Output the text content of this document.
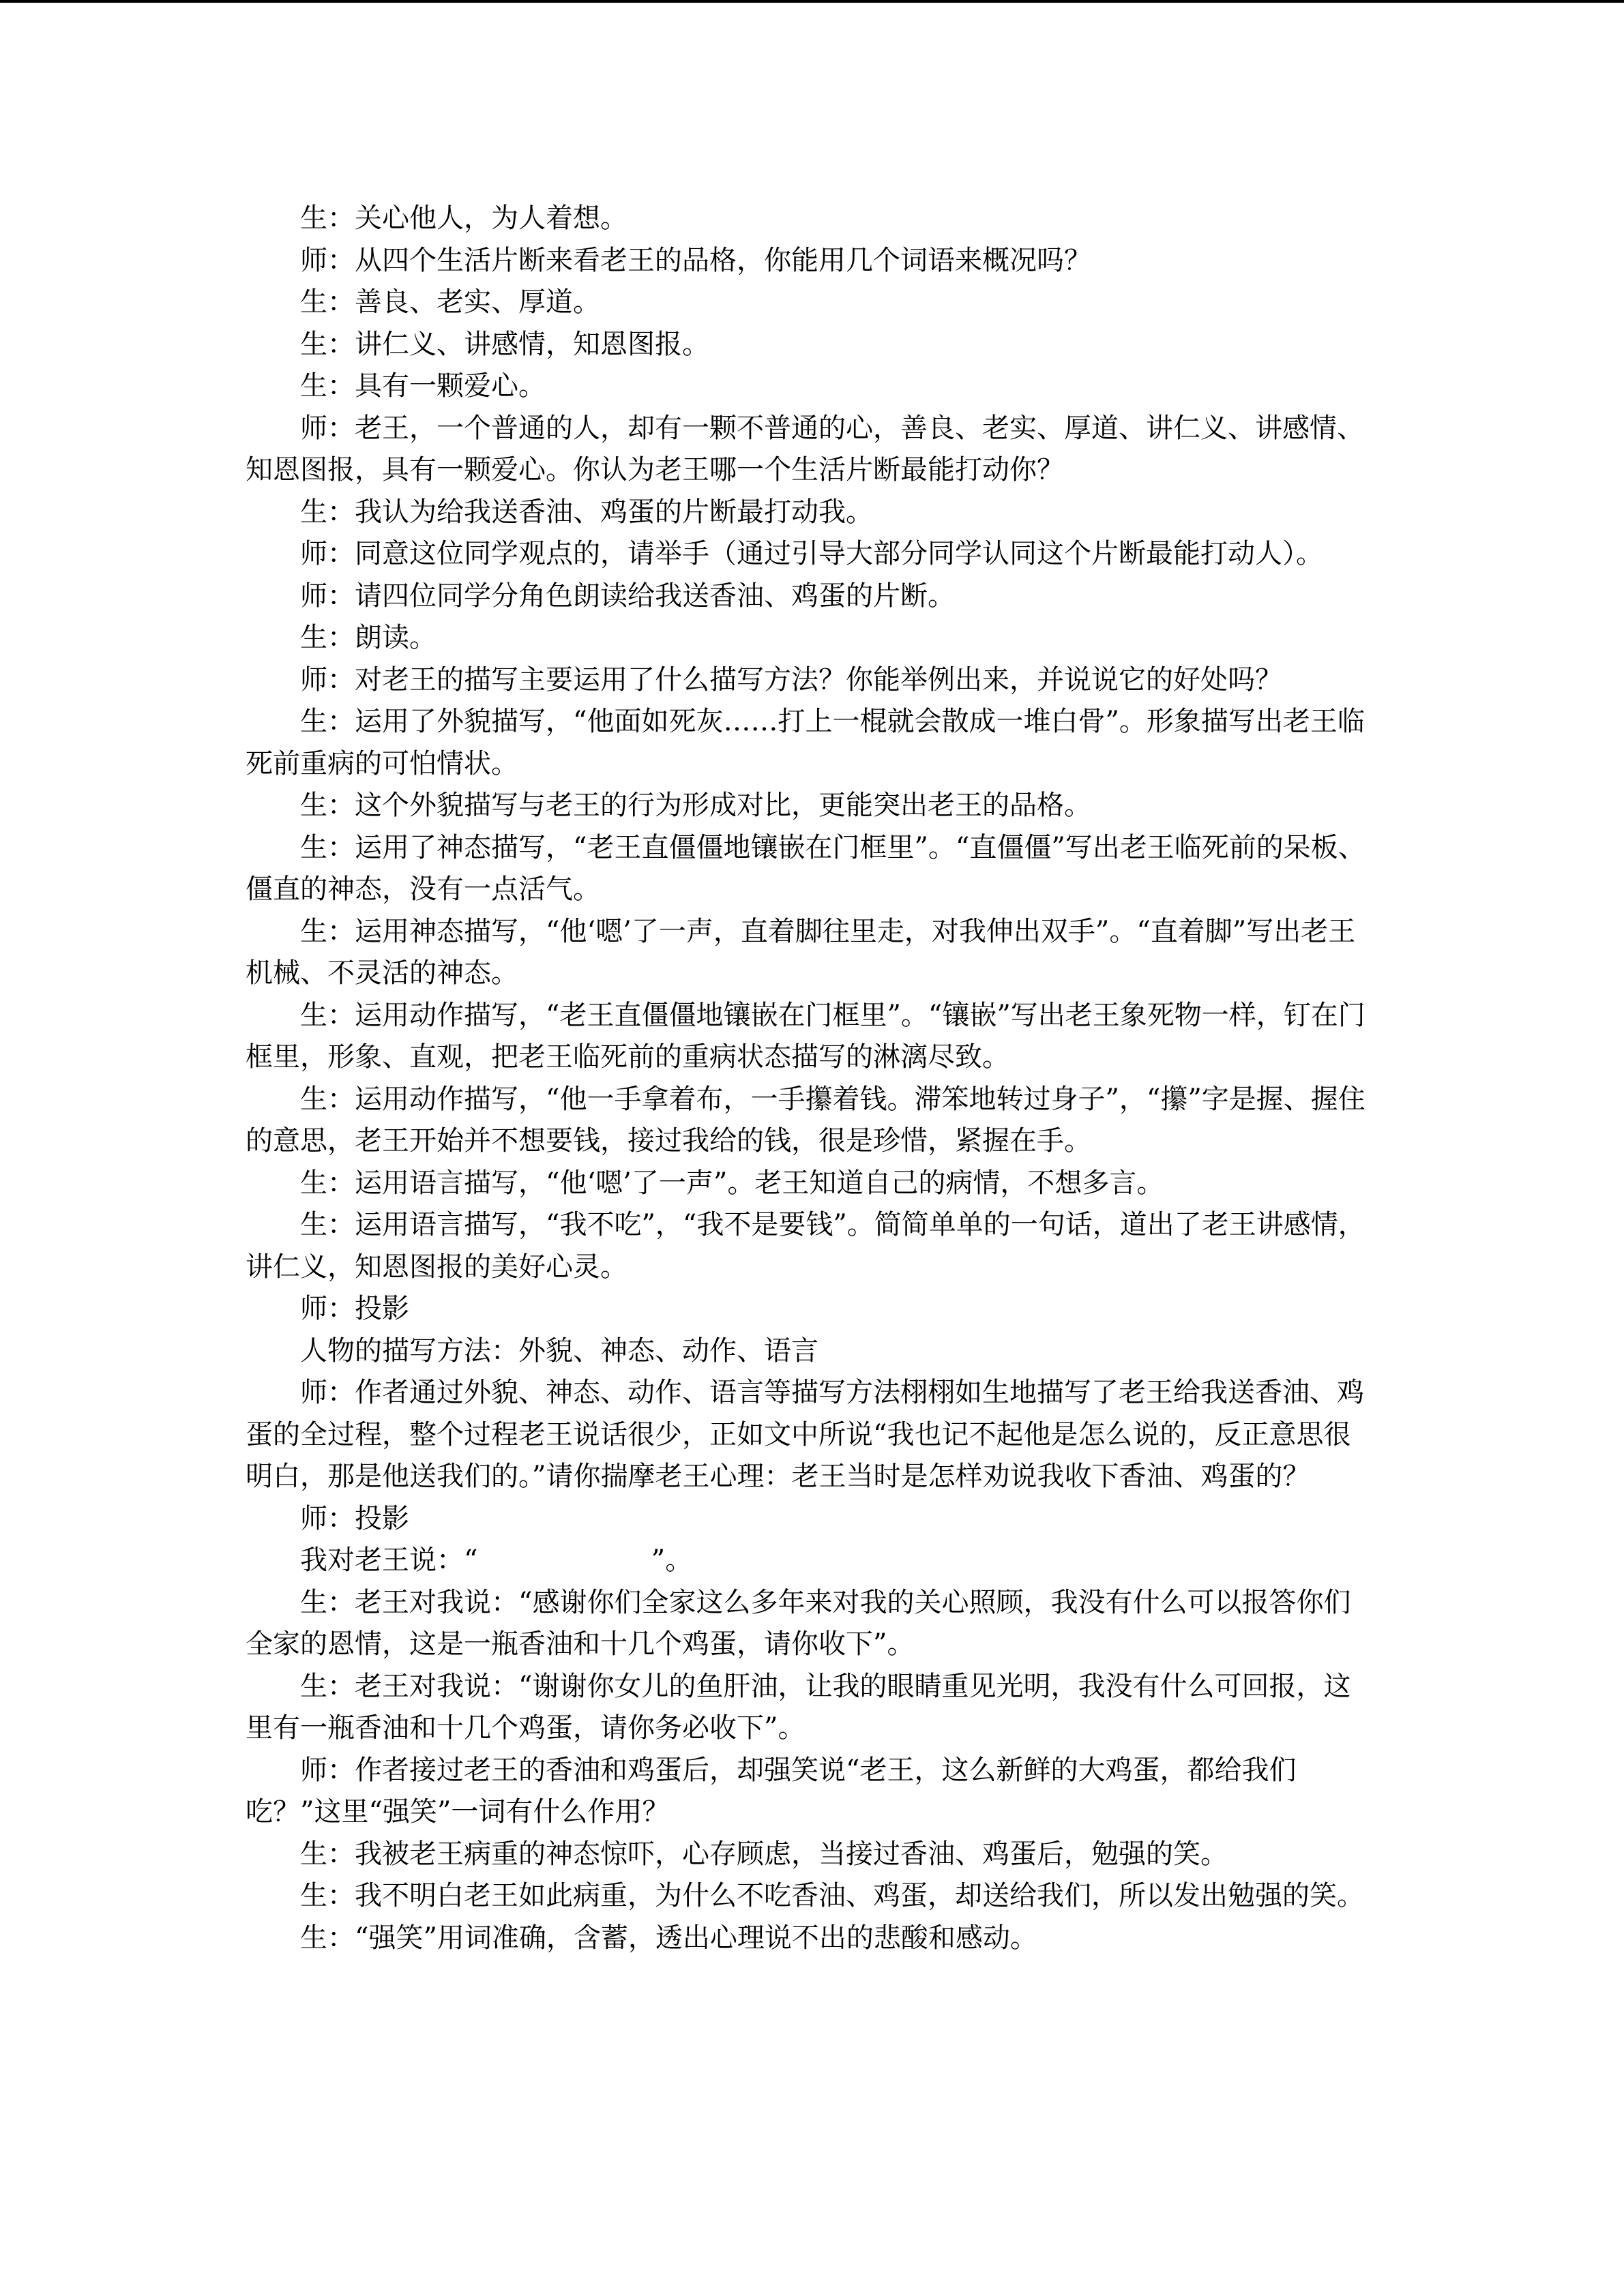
生：关心他人，为人着想。

师：从四个生活片断来看老王的品格，你能用几个词语来概况吗？

生：善良、老实、厚道。

生：讲仁义、讲感情，知恩图报。

生：具有一颗爱心。

师：老王，一个普通的人，却有一颗不普通的心，善良、老实、厚道、讲仁义、讲感情、知恩图报，具有一颗爱心。你认为老王哪一个生活片断最能打动你？

生：我认为给我送香油、鸡蛋的片断最打动我。

师：同意这位同学观点的，请举手（通过引导大部分同学认同这个片断最能打动人）。

师：请四位同学分角色朗读给我送香油、鸡蛋的片断。

生：朗读。

师：对老王的描写主要运用了什么描写方法？你能举例出来，并说说它的好处吗？

生：运用了外貌描写，“他面如死灰……打上一棍就会散成一堆白骨”。形象描写出老王临死前重病的可怕情状。

生：这个外貌描写与老王的行为形成对比，更能突出老王的品格。

生：运用了神态描写，“老王直僵僵地镶嵌在门框里”。“直僵僵”写出老王临死前的呆板、僵直的神态，没有一点活气。

生：运用神态描写，“他‘嗯’了一声，直着脚往里走，对我伸出双手”。“直着脚”写出老王机械、不灵活的神态。

生：运用动作描写，“老王直僵僵地镶嵌在门框里”。“镶嵌”写出老王象死物一样，钉在门框里，形象、直观，把老王临死前的重病状态描写的淋漓尽致。

生：运用动作描写，“他一手拿着布，一手攥着钱。滞笨地转过身子”，“攥”字是握、握住的意思，老王开始并不想要钱，接过我给的钱，很是珍惜，紧握在手。

生：运用语言描写，“他‘嗯’了一声”。老王知道自己的病情，不想多言。

生：运用语言描写，“我不吃”，“我不是要钱”。简简单单的一句话，道出了老王讲感情，讲仁义，知恩图报的美好心灵。

师：投影

人物的描写方法：外貌、神态、动作、语言

师：作者通过外貌、神态、动作、语言等描写方法栩栩如生地描写了老王给我送香油、鸡蛋的全过程，整个过程老王说话很少，正如文中所说“我也记不起他是怎么说的，反正意思很明白，那是他送我们的。”请你揣摩老王心理：老王当时是怎样劝说我收下香油、鸡蛋的？

师：投影

我对老王说：“                    ”。

生：老王对我说：“感谢你们全家这么多年来对我的关心照顾，我没有什么可以报答你们全家的恩情，这是一瓶香油和十几个鸡蛋，请你收下”。

生：老王对我说：“谢谢你女儿的鱼肝油，让我的眼睛重见光明，我没有什么可回报，这里有一瓶香油和十几个鸡蛋，请你务必收下”。

师：作者接过老王的香油和鸡蛋后，却强笑说“老王，这么新鲜的大鸡蛋，都给我们吃？”这里“强笑”一词有什么作用？

生：我被老王病重的神态惊吓，心存顾虑，当接过香油、鸡蛋后，勉强的笑。

生：我不明白老王如此病重，为什么不吃香油、鸡蛋，却送给我们，所以发出勉强的笑。

生：“强笑”用词准确，含蓄，透出心理说不出的悲酸和感动。
